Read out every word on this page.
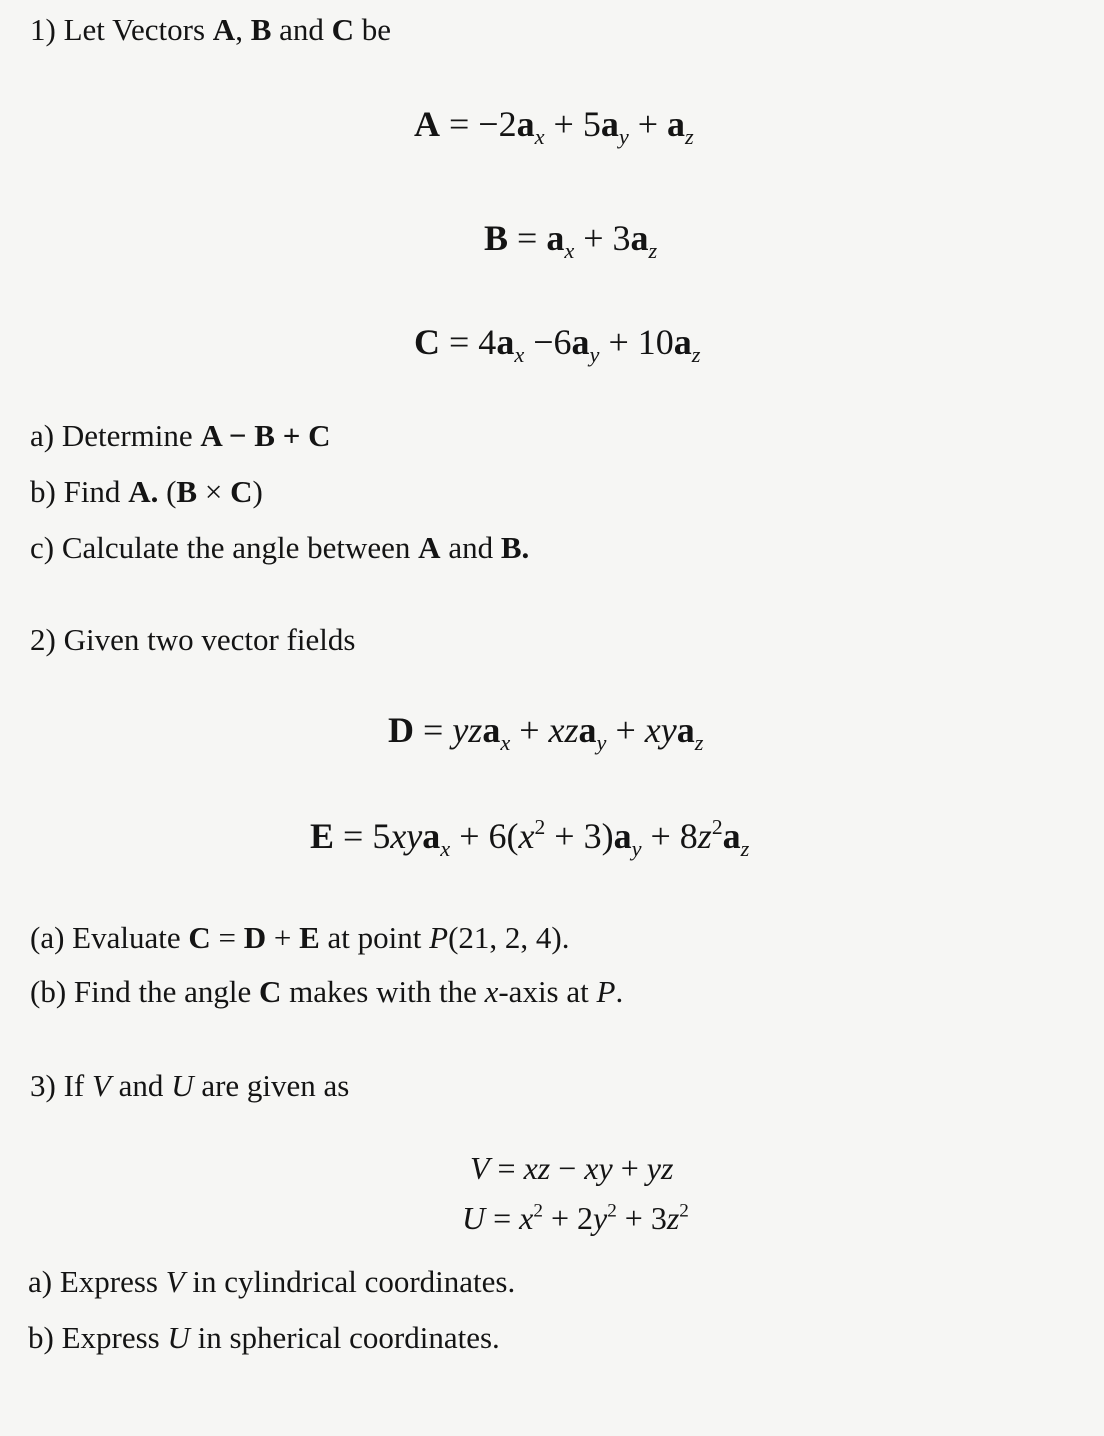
1) Let Vectors A, B and C be
$A = -2a_x + 5a_y + a_z$
$B = a_x + 3a_z$
$C = 4a_x -6a_y + 10a_z$
a) Determine A − B + C
b) Find A. (B × C)
c) Calculate the angle between A and B.
2) Given two vector fields
D = yza$_x$ + xza$_y$ + xya$_z$
$E = 5xya_x + 6(x^2 + 3)a_y + 8z^2a_z$
(a) Evaluate C = D + E at point P(21, 2, 4).
(b) Find the angle C makes with the x-axis at P.
3) If V and U are given as
V = xz − xy + yz
$U = x^2 + 2y^2 + 3z^2$
a) Express V in cylindrical coordinates.
b) Express U in spherical coordinates.
